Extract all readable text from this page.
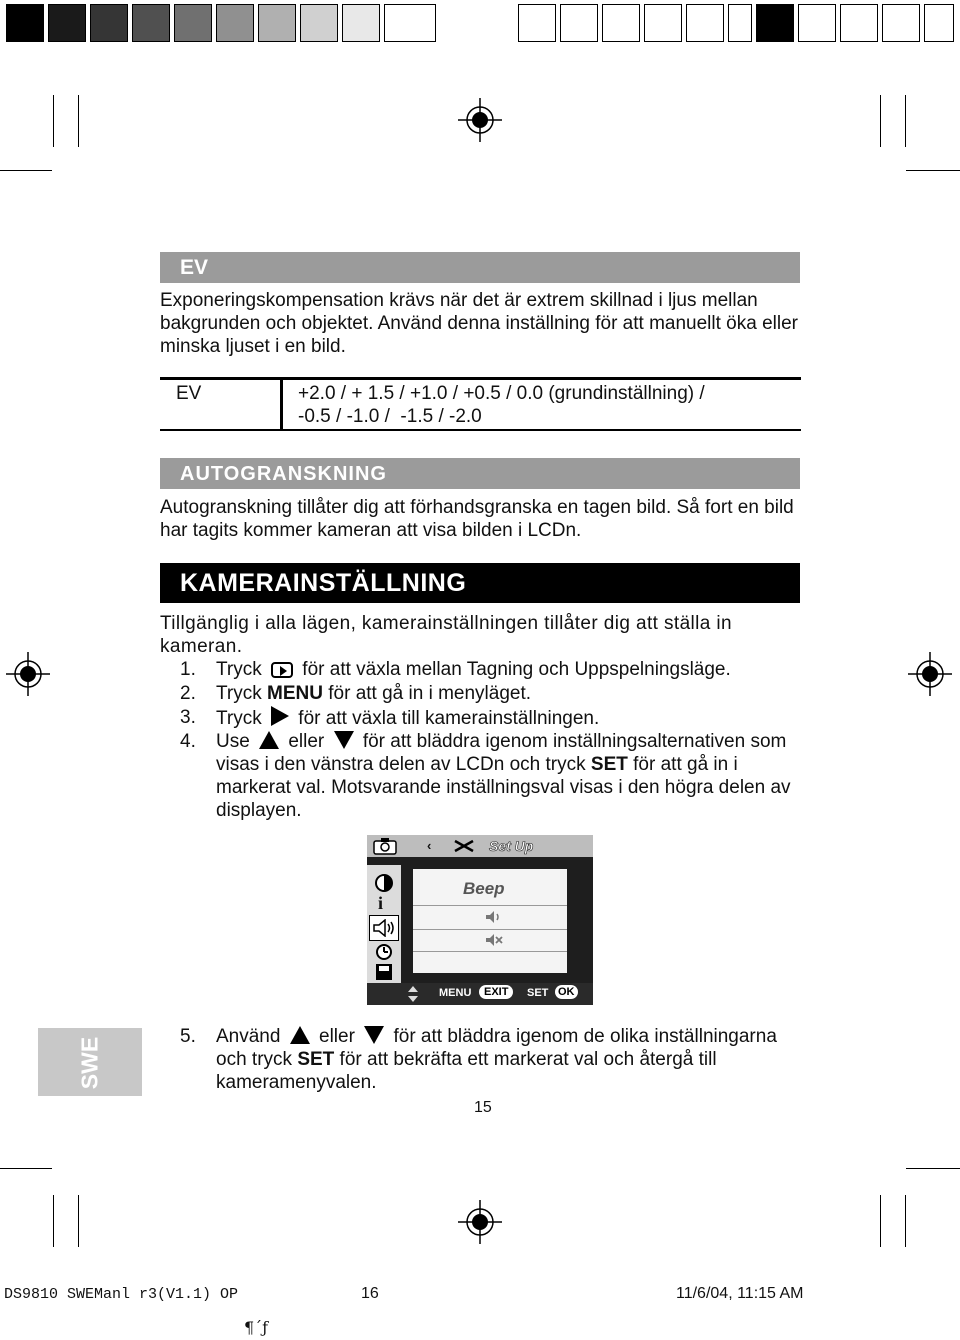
EV
Exponeringskompensation krävs när det är extrem skillnad i ljus mellan bakgrunden och objektet. Använd denna inställning för att manuellt öka eller minska ljuset i en bild.
EV	+2.0 / + 1.5 / +1.0 / +0.5 / 0.0 (grundinställning) /
-0.5 / -1.0 /  -1.5 / -2.0
AUTOGRANSKNING
Autogranskning tillåter dig att förhandsgranska en tagen bild. Så fort en bild har tagits kommer kameran att visa bilden i LCDn.
KAMERAINSTÄLLNING
Tillgänglig i alla lägen, kamerainställningen tillåter dig att ställa in kameran.
1. Tryck för att växla mellan Tagning och Uppspelningsläge.
2. Tryck MENU för att gå in i menyläget.
3. Tryck för att växla till kamerainställningen.
4. Use eller för att bläddra igenom inställningsalternativen som visas i den vänstra delen av LCDn och tryck SET för att gå in i markerat val. Motsvarande inställningsval visas i den högra delen av displayen.
‹	Set Up
i
Beep
MENU	EXIT	SET OK
SWE
5. Använd eller för att bläddra igenom de olika inställningarna och tryck SET för att bekräfta ett markerat val och återgå till kameramenyvalen.
15
DS9810 SWEManl r3(V1.1) OP	16	11/6/04, 11:15 AM
¶´ƒ
